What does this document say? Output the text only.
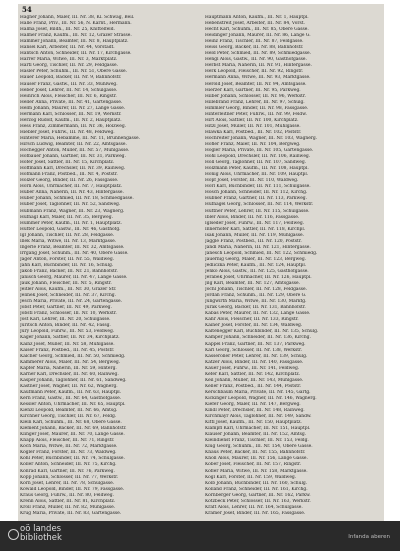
54
Hagner Johann, Maler, III. Nr. 38, Kl. Schwag, Beil.
Halle Franz, Priv., III. Nr. 56, N. Kärnt., Hermann.
Halma Josef, Bildh., III. Nr. 25, Knittelfeld.
Halmer Franz, Kaufm., III. Nr. 12, Grazer Strasse.
Hammer Johann, Beamter, III. Nr. 8, Hauptplatz.
Hansel Karl, Arbeiter, III. Nr. 44, Vorstadt.
Hantsch Anton, Schneider, III. Nr. 17, Kirchgasse.
Harrer Maria, Witwe, III. Nr. 3, Marktplatz.
Hartl Georg, Tischler, III. Nr. 29, Feldgasse.
Hasler Peter, Schuhm., III. Nr. 51, Obere Gasse.
Hauer Leopold, Bäcker, III. Nr. 9, Bahnhofstr.
Hauser Franz, Gastw., III. Nr. 33, Mühlweg.
Heber Josef, Lehrer, III. Nr. 14, Schulgasse.
Heinrich Alois, Fleischer, III. Nr. 6, Ringstr.
Heller Anna, Private, III. Nr. 41, Gartengasse.
Helm Johann, Maurer, III. Nr. 27, Lange Gasse.
Hermann Karl, Schlosser, III. Nr. 19, Werkstr.
Herzog Rudolf, Kaufm., III. Nr. 2, Hauptplatz.
Hess Franz, Zimmermann, III. Nr. 36, Holzweg.
Hiebler Josef, Fuhrw., III. Nr. 48, Feldweg.
Hinterer Maria, Hebamme, III. Nr. 11, Brunnengasse.
Hirsch Ludwig, Beamter, III. Nr. 22, Amtsgasse.
Hochegger Anton, Müller, III. Nr. 57, Mühlgasse.
Hofbauer Johann, Gärtner, III. Nr. 31, Parkweg.
Hofer Josef, Sattler, III. Nr. 15, Kirchplatz.
Hoffmann Karl, Drechsler, III. Nr. 39, Rainweg.
Hofmann Franz, Postbed., III. Nr. 4, Poststr.
Holzer Georg, Binder, III. Nr. 26, Fassgasse.
Horn Alois, Uhrmacher, III. Nr. 7, Hauptplatz.
Huber Anna, Näherin, III. Nr. 43, Hintergasse.
Huber Johann, Schmied, III. Nr. 18, Schmiedgasse.
Huber Josef, Taglöhner, III. Nr. 52, Sandweg.
Hubmann Franz, Wagner, III. Nr. 23, Wagnerg.
Hufnagl Karl, Maler, III. Nr. 35, Bergweg.
Hummer Peter, Kaufm., III. Nr. 1, Hauptplatz.
Hutter Leopold, Gastw., III. Nr. 46, Gasthofg.
Igl Johann, Tischler, III. Nr. 28, Feldgasse.
Illek Maria, Witwe, III. Nr. 13, Marktgasse.
Ingerle Franz, Beamter, III. Nr. 32, Amtsgasse.
Irrgang Josef, Schuhm., III. Nr. 40, Obere Gasse.
Jäger Anton, Förster, III. Nr. 55, Waldweg.
Jahn Karl, Buchbinder, III. Nr. 16, Schulg.
Jakob Franz, Bäcker, III. Nr. 21, Bahnhofstr.
Janisch Georg, Maurer, III. Nr. 47, Lange Gasse.
Jauk Johann, Fleischer, III. Nr. 5, Ringstr.
Jeitler Alois, Kaufm., III. Nr. 30, Grazer Str.
Jelinek Josef, Schneider, III. Nr. 37, Kirchg.
Jesch Maria, Private, III. Nr. 24, Gartengasse.
Jobst Peter, Gärtner, III. Nr. 49, Parkweg.
Jöbstl Franz, Schlosser, III. Nr. 10, Werkstr.
Jost Karl, Lehrer, III. Nr. 20, Schulgasse.
Juritsch Anton, Binder, III. Nr. 42, Fassg.
Jury Leopold, Fuhrw., III. Nr. 53, Feldweg.
Kager Johann, Sattler, III. Nr. 34, Kirchplatz.
Kainz Josef, Müller, III. Nr. 58, Mühlgasse.
Kaiser Franz, Postbed., III. Nr. 45, Poststr.
Kalcher Georg, Schmied, III. Nr. 50, Schmiedg.
Kammerer Alois, Maler, III. Nr. 54, Bergweg.
Kapfer Maria, Näherin, III. Nr. 59, Hinterg.
Karner Karl, Drechsler, III. Nr. 60, Rainweg.
Kasper Johann, Taglöhner, III. Nr. 61, Sandweg.
Kastner Josef, Wagner, III. Nr. 62, Wagnerg.
Kaufmann Peter, Kaufm., III. Nr. 63, Hauptpl.
Kern Franz, Gastw., III. Nr. 64, Gasthofgasse.
Kessler Anton, Uhrmacher, III. Nr. 65, Hauptpl.
Kienzl Leopold, Beamter, III. Nr. 66, Amtsg.
Kirchner Georg, Tischler, III. Nr. 67, Feldg.
Klein Karl, Schuhm., III. Nr. 68, Obere Gasse.
Klement Johann, Bäcker, III. Nr. 69, Bahnhofstr.
Klinger Josef, Maurer, III. Nr. 70, Lange Gasse.
Knapp Alois, Fleischer, III. Nr. 71, Ringstr.
Koch Maria, Witwe, III. Nr. 72, Marktgasse.
Kogler Franz, Förster, III. Nr. 73, Waldweg.
Kohl Peter, Buchbinder, III. Nr. 74, Schulgasse.
Koller Anton, Schneider, III. Nr. 75, Kirchg.
Konrad Karl, Gärtner, III. Nr. 76, Parkweg.
Kopp Johann, Schlosser, III. Nr. 77, Werkstr.
Korn Josef, Lehrer, III. Nr. 78, Schulgasse.
Kowald Leopold, Binder, III. Nr. 79, Fassgasse.
Kraus Georg, Fuhrw., III. Nr. 80, Feldweg.
Krenn Alois, Sattler, III. Nr. 81, Kirchplatz.
Kröll Franz, Müller, III. Nr. 82, Mühlgasse.
Krug Maria, Private, III. Nr. 83, Gartengasse.
Hauptmann Anton, Kaufm., III. Nr. 1, Hauptpl.
Hebenstreit Josef, Arbeiter, III. Nr. 84, Vorst.
Hecht Karl, Schuhm., III. Nr. 85, Obere Gasse.
Heidinger Johann, Maurer, III. Nr. 86, Lange G.
Heinz Franz, Tischler, III. Nr. 87, Feldgasse.
Heiss Georg, Bäcker, III. Nr. 88, Bahnhofstr.
Held Peter, Schmied, III. Nr. 89, Schmiedgasse.
Hengl Alois, Gastw., III. Nr. 90, Gasthofgasse.
Herbst Maria, Näherin, III. Nr. 91, Hintergasse.
Herk Leopold, Fleischer, III. Nr. 92, Ringstr.
Hermann Anna, Witwe, III. Nr. 93, Marktgasse.
Herold Josef, Beamter, III. Nr. 94, Amtsgasse.
Hierzer Karl, Gärtner, III. Nr. 95, Parkweg.
Hilber Johann, Schlosser, III. Nr. 96, Werkstr.
Hillebrand Franz, Lehrer, III. Nr. 97, Schulg.
Himmler Georg, Binder, III. Nr. 98, Fassgasse.
Hinterleitner Peter, Fuhrw., III. Nr. 99, Feldw.
Hirt Alois, Sattler, III. Nr. 100, Kirchplatz.
Hitzl Josef, Müller, III. Nr. 101, Mühlgasse.
Hlawka Karl, Postbed., III. Nr. 102, Poststr.
Hochreiter Johann, Wagner, III. Nr. 103, Wagnerg.
Höfler Franz, Maler, III. Nr. 104, Bergweg.
Högler Maria, Private, III. Nr. 105, Gartengasse.
Hohl Leopold, Drechsler, III. Nr. 106, Rainweg.
Holl Georg, Taglöhner, III. Nr. 107, Sandweg.
Holzmann Peter, Kaufm., III. Nr. 108, Hauptpl.
Hönig Alois, Uhrmacher, III. Nr. 109, Hauptpl.
Hopf Josef, Förster, III. Nr. 110, Waldweg.
Hörl Karl, Buchbinder, III. Nr. 111, Schulgasse.
Hösch Johann, Schneider, III. Nr. 112, Kirchg.
Hubner Franz, Gärtner, III. Nr. 113, Parkweg.
Hufnagel Georg, Schlosser, III. Nr. 114, Werkstr.
Hüttner Peter, Lehrer, III. Nr. 115, Schulgasse.
Ibler Alois, Binder, III. Nr. 116, Fassgasse.
Iglseder Josef, Fuhrw., III. Nr. 117, Feldweg.
Innerhofer Karl, Sattler, III. Nr. 118, Kirchpl.
Isak Johann, Müller, III. Nr. 119, Mühlgasse.
Jäggle Franz, Postbed., III. Nr. 120, Poststr.
Jandl Maria, Näherin, III. Nr. 121, Hintergasse.
Janesch Leopold, Schmied, III. Nr. 122, Schmiedg.
Jauernig Georg, Maler, III. Nr. 123, Bergweg.
Jedliczka Peter, Kaufm., III. Nr. 124, Hauptpl.
Jenko Alois, Gastw., III. Nr. 125, Gasthofgasse.
Jerabek Josef, Uhrmacher, III. Nr. 126, Hauptpl.
Jilg Karl, Beamter, III. Nr. 127, Amtsgasse.
Jöchl Johann, Tischler, III. Nr. 128, Feldgasse.
Jordan Franz, Schuhm., III. Nr. 129, Obere G.
Jungwirth Maria, Witwe, III. Nr. 130, Marktg.
Jurak Georg, Bäcker, III. Nr. 131, Bahnhofstr.
Kabas Peter, Maurer, III. Nr. 132, Lange Gasse.
Kahr Alois, Fleischer, III. Nr. 133, Ringstr.
Kainer Josef, Förster, III. Nr. 134, Waldweg.
Kaltenegger Karl, Buchbinder, III. Nr. 135, Schulg.
Kamper Johann, Schneider, III. Nr. 136, Kirchg.
Kappel Franz, Gärtner, III. Nr. 137, Parkweg.
Karl Georg, Schlosser, III. Nr. 138, Werkstr.
Kasseroller Peter, Lehrer, III. Nr. 139, Schulg.
Katzer Alois, Binder, III. Nr. 140, Fassgasse.
Kauer Josef, Fuhrw., III. Nr. 141, Feldweg.
Kefer Karl, Sattler, III. Nr. 142, Kirchplatz.
Keil Johann, Müller, III. Nr. 143, Mühlgasse.
Keller Franz, Postbed., III. Nr. 144, Poststr.
Kerschbaum Maria, Private, III. Nr. 145, Gartg.
Kickinger Leopold, Wagner, III. Nr. 146, Wagnerg.
Kiefer Georg, Maler, III. Nr. 147, Bergweg.
Kindl Peter, Drechsler, III. Nr. 148, Rainweg.
Kirchmayr Alois, Taglöhner, III. Nr. 149, Sandw.
Kittl Josef, Kaufm., III. Nr. 150, Hauptplatz.
Klampfl Karl, Uhrmacher, III. Nr. 151, Hauptpl.
Klauser Johann, Beamter, III. Nr. 152, Amtsg.
Kleindienst Franz, Tischler, III. Nr. 153, Feldg.
Klug Georg, Schuhm., III. Nr. 154, Obere Gasse.
Knaus Peter, Bäcker, III. Nr. 155, Bahnhofstr.
Knoll Alois, Maurer, III. Nr. 156, Lange Gasse.
Kober Josef, Fleischer, III. Nr. 157, Ringstr.
Kofler Maria, Witwe, III. Nr. 158, Marktgasse.
Kogl Karl, Förster, III. Nr. 159, Waldweg.
Kolb Johann, Buchbinder, III. Nr. 160, Schulg.
Kolland Franz, Schneider, III. Nr. 161, Kirchg.
Kornberger Georg, Gärtner, III. Nr. 162, Parkw.
Kotzbeck Peter, Schlosser, III. Nr. 163, Werkstr.
Kraft Alois, Lehrer, III. Nr. 164, Schulgasse.
Kramer Josef, Binder, III. Nr. 165, Fassgasse.
oö landes
bibliothek	Infanda aberen
